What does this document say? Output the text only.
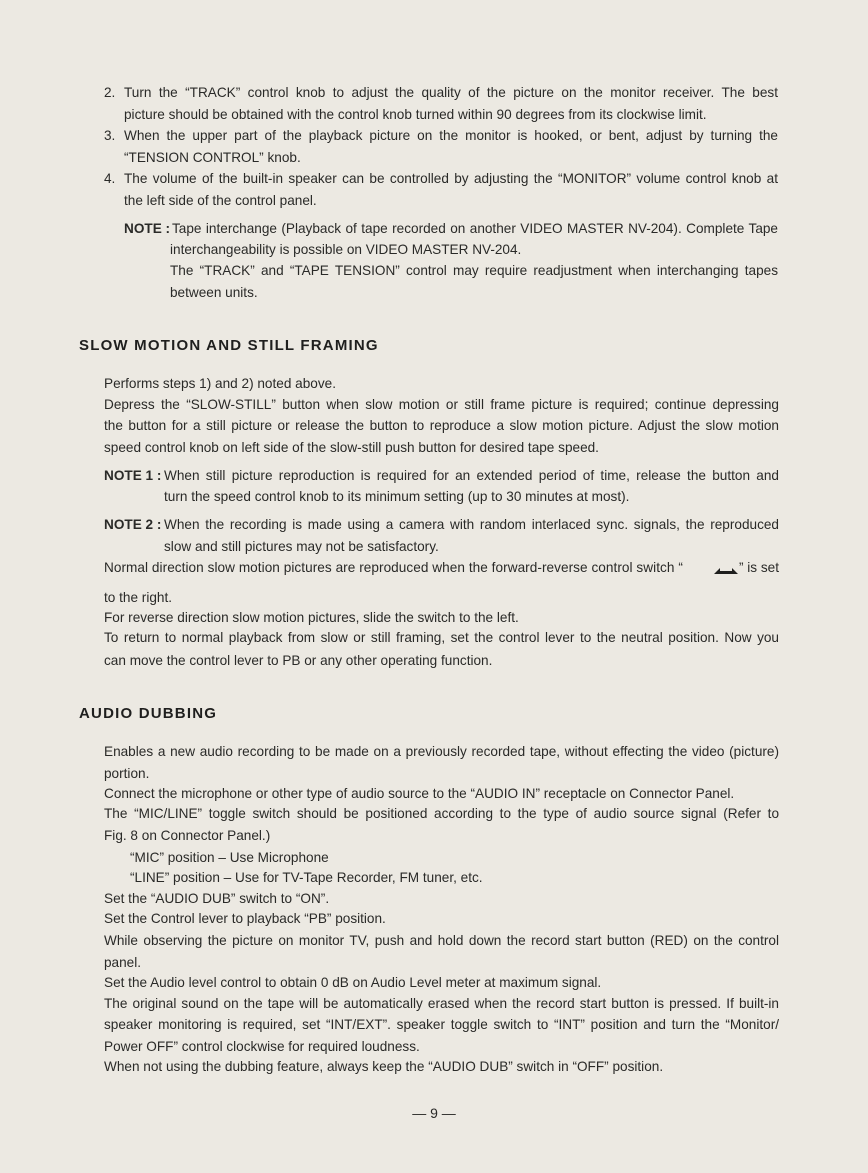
2. Turn the “TRACK” control knob to adjust the quality of the picture on the monitor receiver. The best
picture should be obtained with the control knob turned within 90 degrees from its clockwise limit.
3. When the upper part of the playback picture on the monitor is hooked, or bent, adjust by turning the
“TENSION CONTROL” knob.
4. The volume of the built-in speaker can be controlled by adjusting the “MONITOR” volume control knob at
the left side of the control panel.
NOTE : Tape interchange (Playback of tape recorded on another VIDEO MASTER NV-204). Complete Tape
interchangeability is possible on VIDEO MASTER NV-204.
The “TRACK” and “TAPE TENSION” control may require readjustment when interchanging tapes
between units.
SLOW MOTION AND STILL FRAMING
Performs steps 1) and 2) noted above.
Depress the “SLOW-STILL” button when slow motion or still frame picture is required; continue depressing
the button for a still picture or release the button to reproduce a slow motion picture. Adjust the slow motion
speed control knob on left side of the slow-still push button for desired tape speed.
NOTE 1 : When still picture reproduction is required for an extended period of time, release the button and
turn the speed control knob to its minimum setting (up to 30 minutes at most).
NOTE 2 : When the recording is made using a camera with random interlaced sync. signals, the reproduced
slow and still pictures may not be satisfactory.
Normal direction slow motion pictures are reproduced when the forward-reverse control switch “	” is set
to the right.
For reverse direction slow motion pictures, slide the switch to the left.
To return to normal playback from slow or still framing, set the control lever to the neutral position. Now you
can move the control lever to PB or any other operating function.
AUDIO DUBBING
Enables a new audio recording to be made on a previously recorded tape, without effecting the video (picture)
portion.
Connect the microphone or other type of audio source to the “AUDIO IN” receptacle on Connector Panel.
The “MIC/LINE” toggle switch should be positioned according to the type of audio source signal (Refer to
Fig. 8 on Connector Panel.)
“MIC” position – Use Microphone
“LINE” position – Use for TV-Tape Recorder, FM tuner, etc.
Set the “AUDIO DUB” switch to “ON”.
Set the Control lever to playback “PB” position.
While observing the picture on monitor TV, push and hold down the record start button (RED) on the control
panel.
Set the Audio level control to obtain 0 dB on Audio Level meter at maximum signal.
The original sound on the tape will be automatically erased when the record start button is pressed. If built-in
speaker monitoring is required, set “INT/EXT”. speaker toggle switch to “INT” position and turn the “Monitor/
Power OFF” control clockwise for required loudness.
When not using the dubbing feature, always keep the “AUDIO DUB” switch in “OFF” position.
— 9 —
